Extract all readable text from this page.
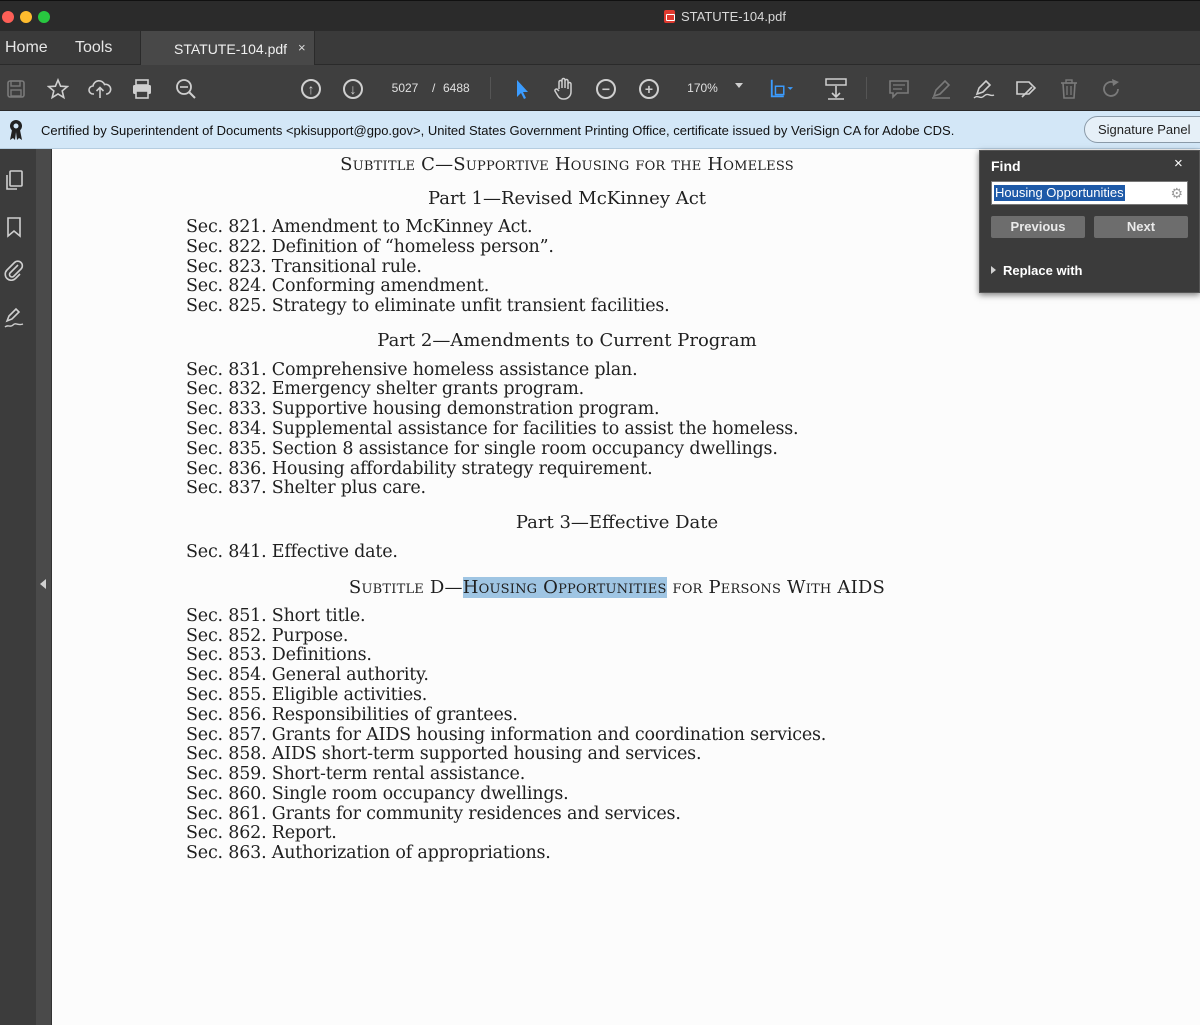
STATUTE-104.pdf
Home Tools	STATUTE-104.pdf ×
↑	↓	5027	/ 6488	−	+	170%
Certified by Superintendent of Documents <pkisupport@gpo.gov>, United States Government Printing Office, certificate issued by VeriSign CA for Adobe CDS.	Signature Panel
Subtitle C—Supportive Housing for the Homeless
Part 1—Revised McKinney Act
Sec. 821. Amendment to McKinney Act.
Sec. 822. Definition of “homeless person”.
Sec. 823. Transitional rule.
Sec. 824. Conforming amendment.
Sec. 825. Strategy to eliminate unfit transient facilities.
Part 2—Amendments to Current Program
Sec. 831. Comprehensive homeless assistance plan.
Sec. 832. Emergency shelter grants program.
Sec. 833. Supportive housing demonstration program.
Sec. 834. Supplemental assistance for facilities to assist the homeless.
Sec. 835. Section 8 assistance for single room occupancy dwellings.
Sec. 836. Housing affordability strategy requirement.
Sec. 837. Shelter plus care.
Part 3—Effective Date
Sec. 841. Effective date.
Subtitle D—Housing Opportunities for Persons With AIDS
Sec. 851. Short title.
Sec. 852. Purpose.
Sec. 853. Definitions.
Sec. 854. General authority.
Sec. 855. Eligible activities.
Sec. 856. Responsibilities of grantees.
Sec. 857. Grants for AIDS housing information and coordination services.
Sec. 858. AIDS short-term supported housing and services.
Sec. 859. Short-term rental assistance.
Sec. 860. Single room occupancy dwellings.
Sec. 861. Grants for community residences and services.
Sec. 862. Report.
Sec. 863. Authorization of appropriations.
Find	×
Housing Opportunities	⚙
Previous	Next
Replace with
